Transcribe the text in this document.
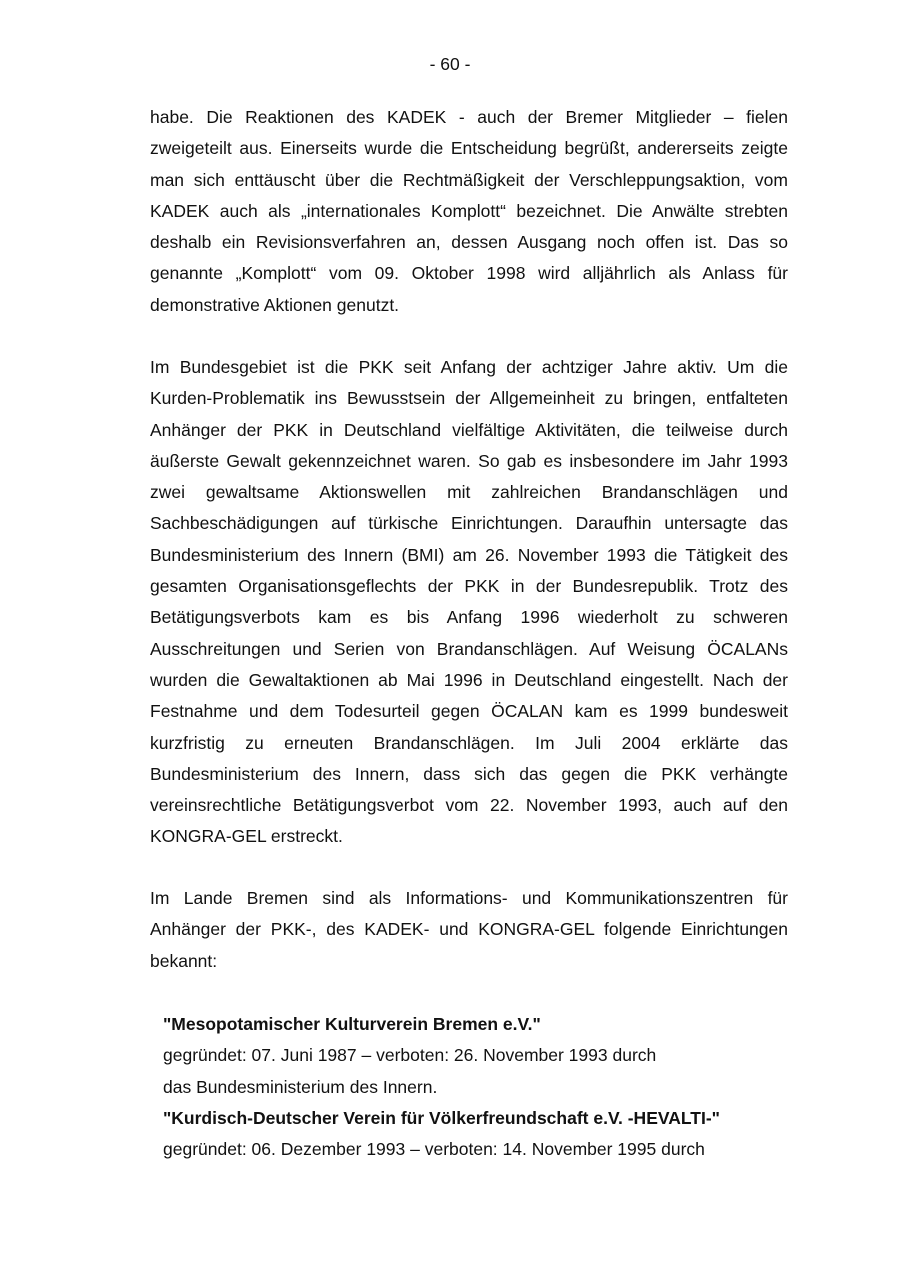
- 60 -

habe. Die Reaktionen des KADEK - auch der Bremer Mitglieder – fielen zweigeteilt aus. Einerseits wurde die Entscheidung begrüßt, andererseits zeigte man sich enttäuscht über die Rechtmäßigkeit der Verschleppungsaktion, vom KADEK auch als „internationales Komplott“ bezeichnet. Die Anwälte strebten deshalb ein Revisionsverfahren an, dessen Ausgang noch offen ist. Das so genannte „Komplott“ vom 09. Oktober 1998 wird alljährlich als Anlass für demonstrative Aktionen genutzt.

Im Bundesgebiet ist die PKK seit Anfang der achtziger Jahre aktiv. Um die Kurden-Problematik ins Bewusstsein der Allgemeinheit zu bringen, entfalteten Anhänger der PKK in Deutschland vielfältige Aktivitäten, die teilweise durch äußerste Gewalt gekennzeichnet waren. So gab es insbesondere im Jahr 1993 zwei gewaltsame Aktionswellen mit zahlreichen Brandanschlägen und Sachbeschädigungen auf türkische Einrichtungen. Daraufhin untersagte das Bundesministerium des Innern (BMI) am 26. November 1993 die Tätigkeit des gesamten Organisationsgeflechts der PKK in der Bundesrepublik. Trotz des Betätigungsverbots kam es bis Anfang 1996 wiederholt zu schweren Ausschreitungen und Serien von Brandanschlägen. Auf Weisung ÖCALANs wurden die Gewaltaktionen ab Mai 1996 in Deutschland eingestellt. Nach der Festnahme und dem Todesurteil gegen ÖCALAN kam es 1999 bundesweit kurzfristig zu erneuten Brandanschlägen. Im Juli 2004 erklärte das Bundesministerium des Innern, dass sich das gegen die PKK verhängte vereinsrechtliche Betätigungsverbot vom 22. November 1993, auch auf den KONGRA-GEL erstreckt.

Im Lande Bremen sind als Informations- und Kommunikationszentren für Anhänger der PKK-, des KADEK- und KONGRA-GEL folgende Einrichtungen bekannt:

"Mesopotamischer Kulturverein Bremen e.V."
gegründet: 07. Juni 1987 – verboten: 26. November 1993 durch
das Bundesministerium des Innern.
"Kurdisch-Deutscher Verein für Völkerfreundschaft e.V. -HEVALTI-"
gegründet: 06. Dezember 1993 – verboten: 14. November 1995 durch
